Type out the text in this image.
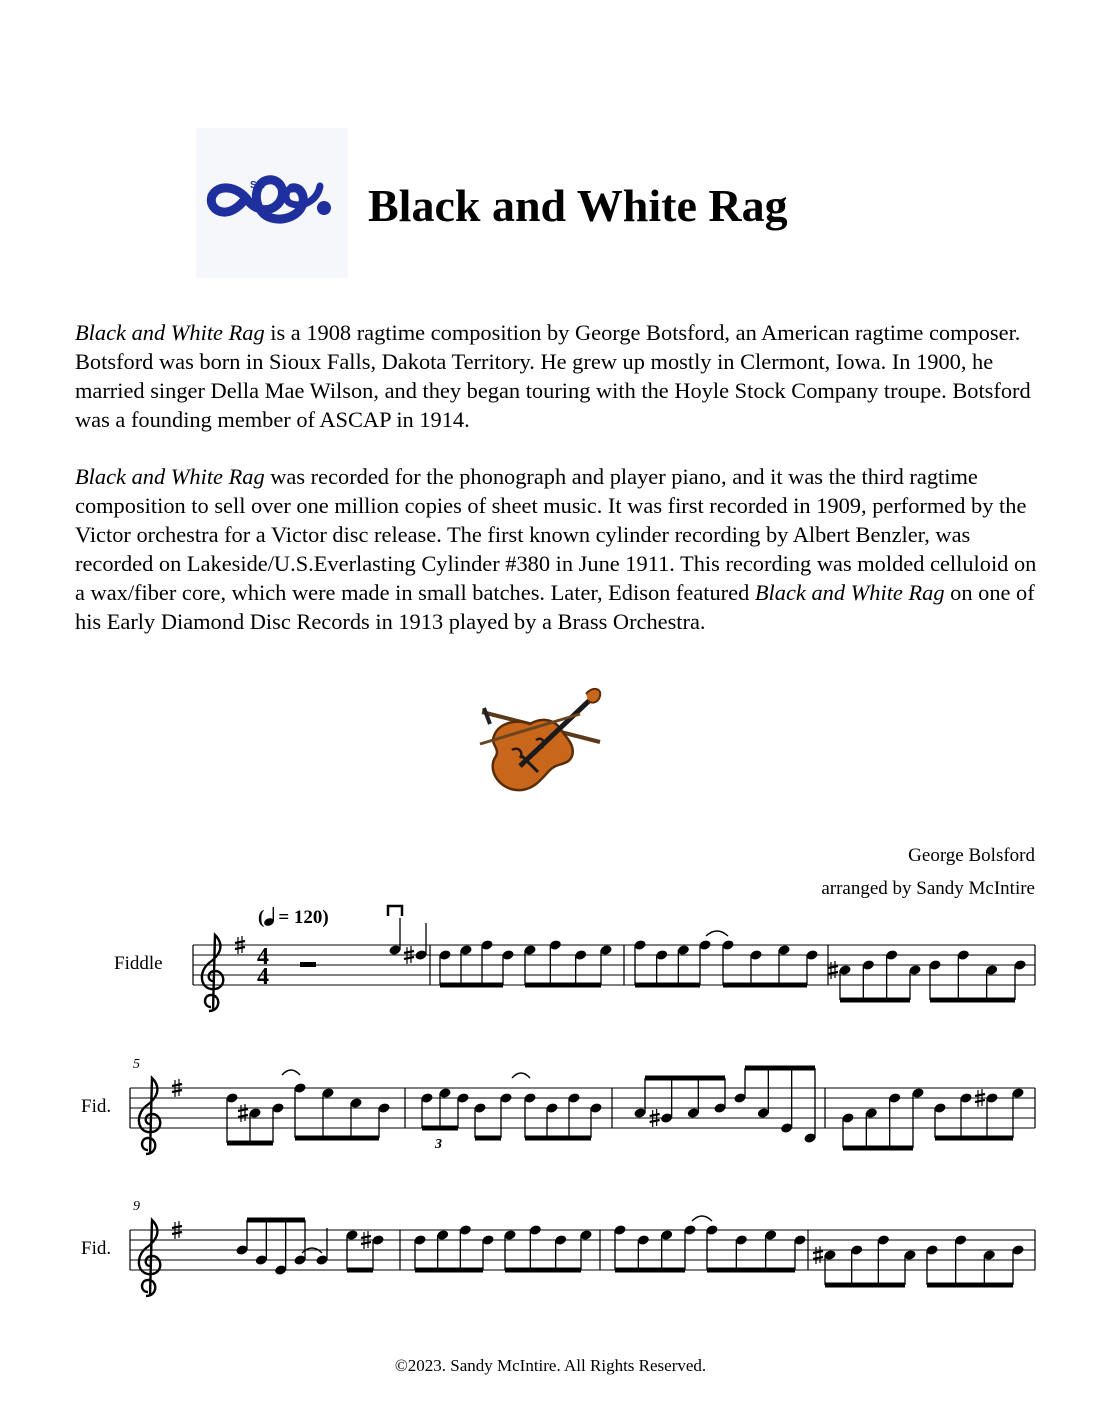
SM Black and White Rag

Black and White Rag is a 1908 ragtime composition by George Botsford, an American ragtime composer. Botsford was born in Sioux Falls, Dakota Territory. He grew up mostly in Clermont, Iowa. In 1900, he married singer Della Mae Wilson, and they began touring with the Hoyle Stock Company troupe. Botsford was a founding member of ASCAP in 1914.

Black and White Rag was recorded for the phonograph and player piano, and it was the third ragtime composition to sell over one million copies of sheet music. It was first recorded in 1909, performed by the Victor orchestra for a Victor disc release. The first known cylinder recording by Albert Benzler, was recorded on Lakeside/U.S.Everlasting Cylinder #380 in June 1911. This recording was molded celluloid on a wax/fiber core, which were made in small batches. Later, Edison featured Black and White Rag on one of his Early Diamond Disc Records in 1913 played by a Brass Orchestra.

George Bolsford
arranged by Sandy McIntire
( = 120)
Fiddle
Fid.
Fid.
5
9
4
4
3
©2023. Sandy McIntire. All Rights Reserved.
